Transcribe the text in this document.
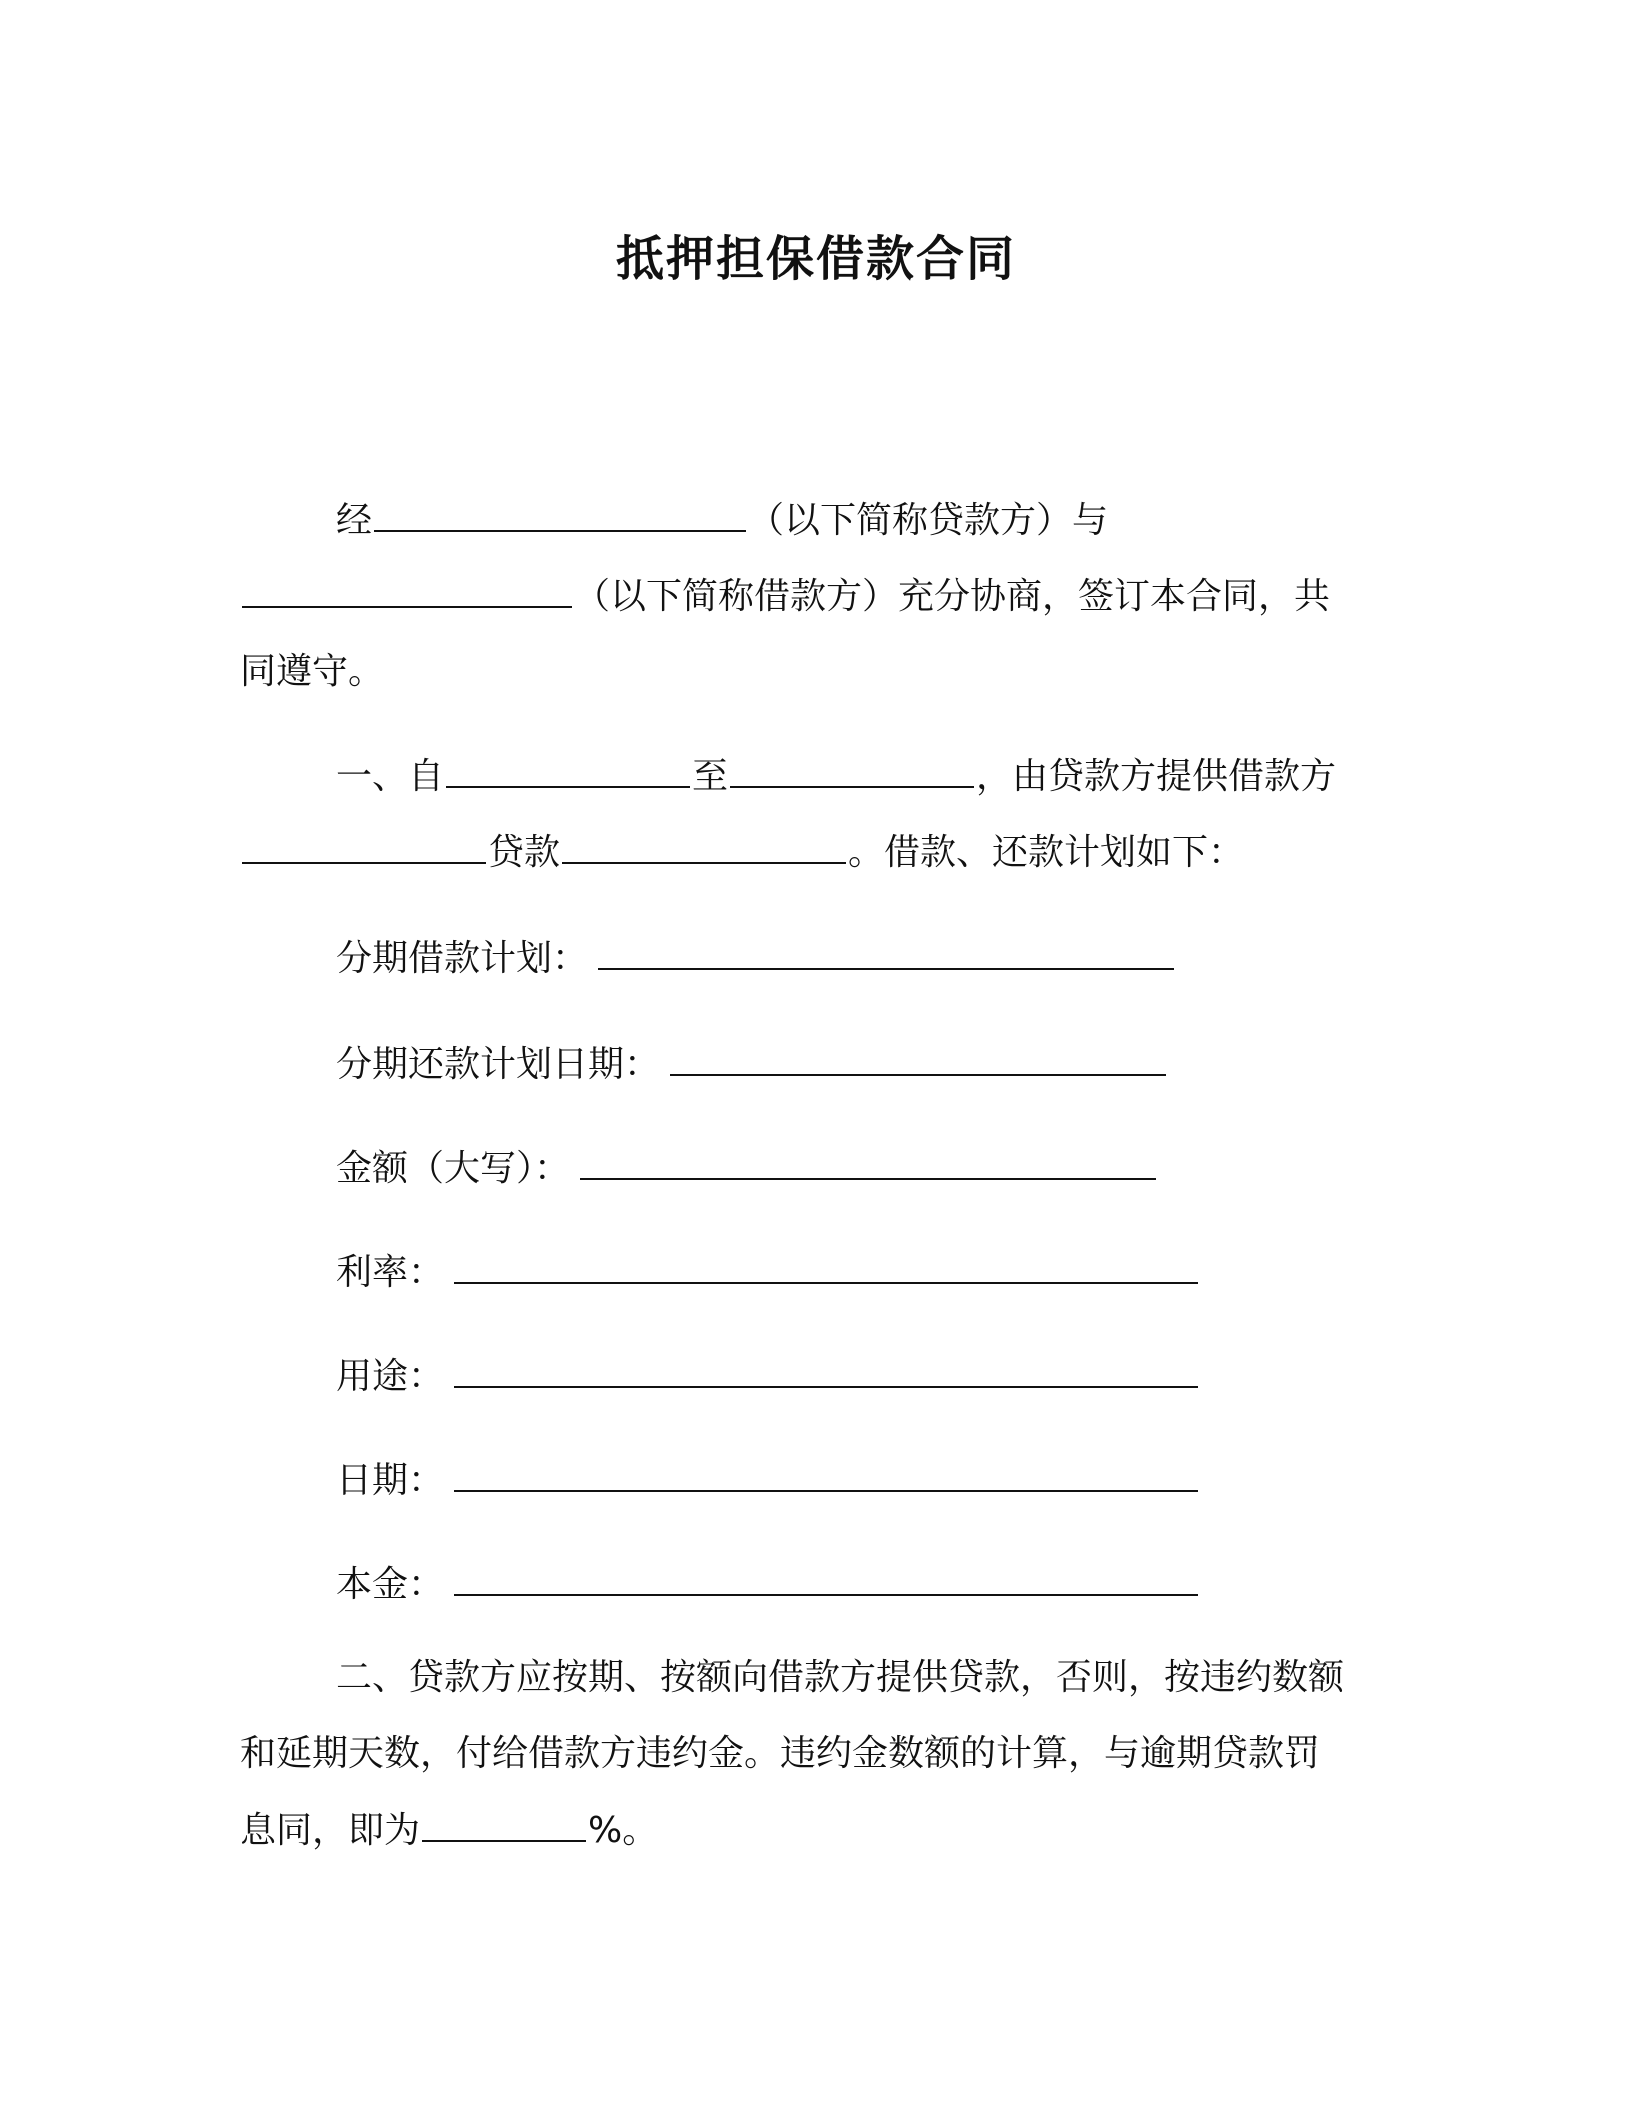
抵押担保借款合同
经	（以下简称贷款方）与
（以下简称借款方）充分协商，签订本合同，共
同遵守。
一、自	至	，由贷款方提供借款方
贷款	。借款、还款计划如下：
分期借款计划：
分期还款计划日期：
金额（大写）：
利率：
用途：
日期：
本金：
二、贷款方应按期、按额向借款方提供贷款，否则，按违约数额
和延期天数，付给借款方违约金。违约金数额的计算，与逾期贷款罚
息同，即为	%。
